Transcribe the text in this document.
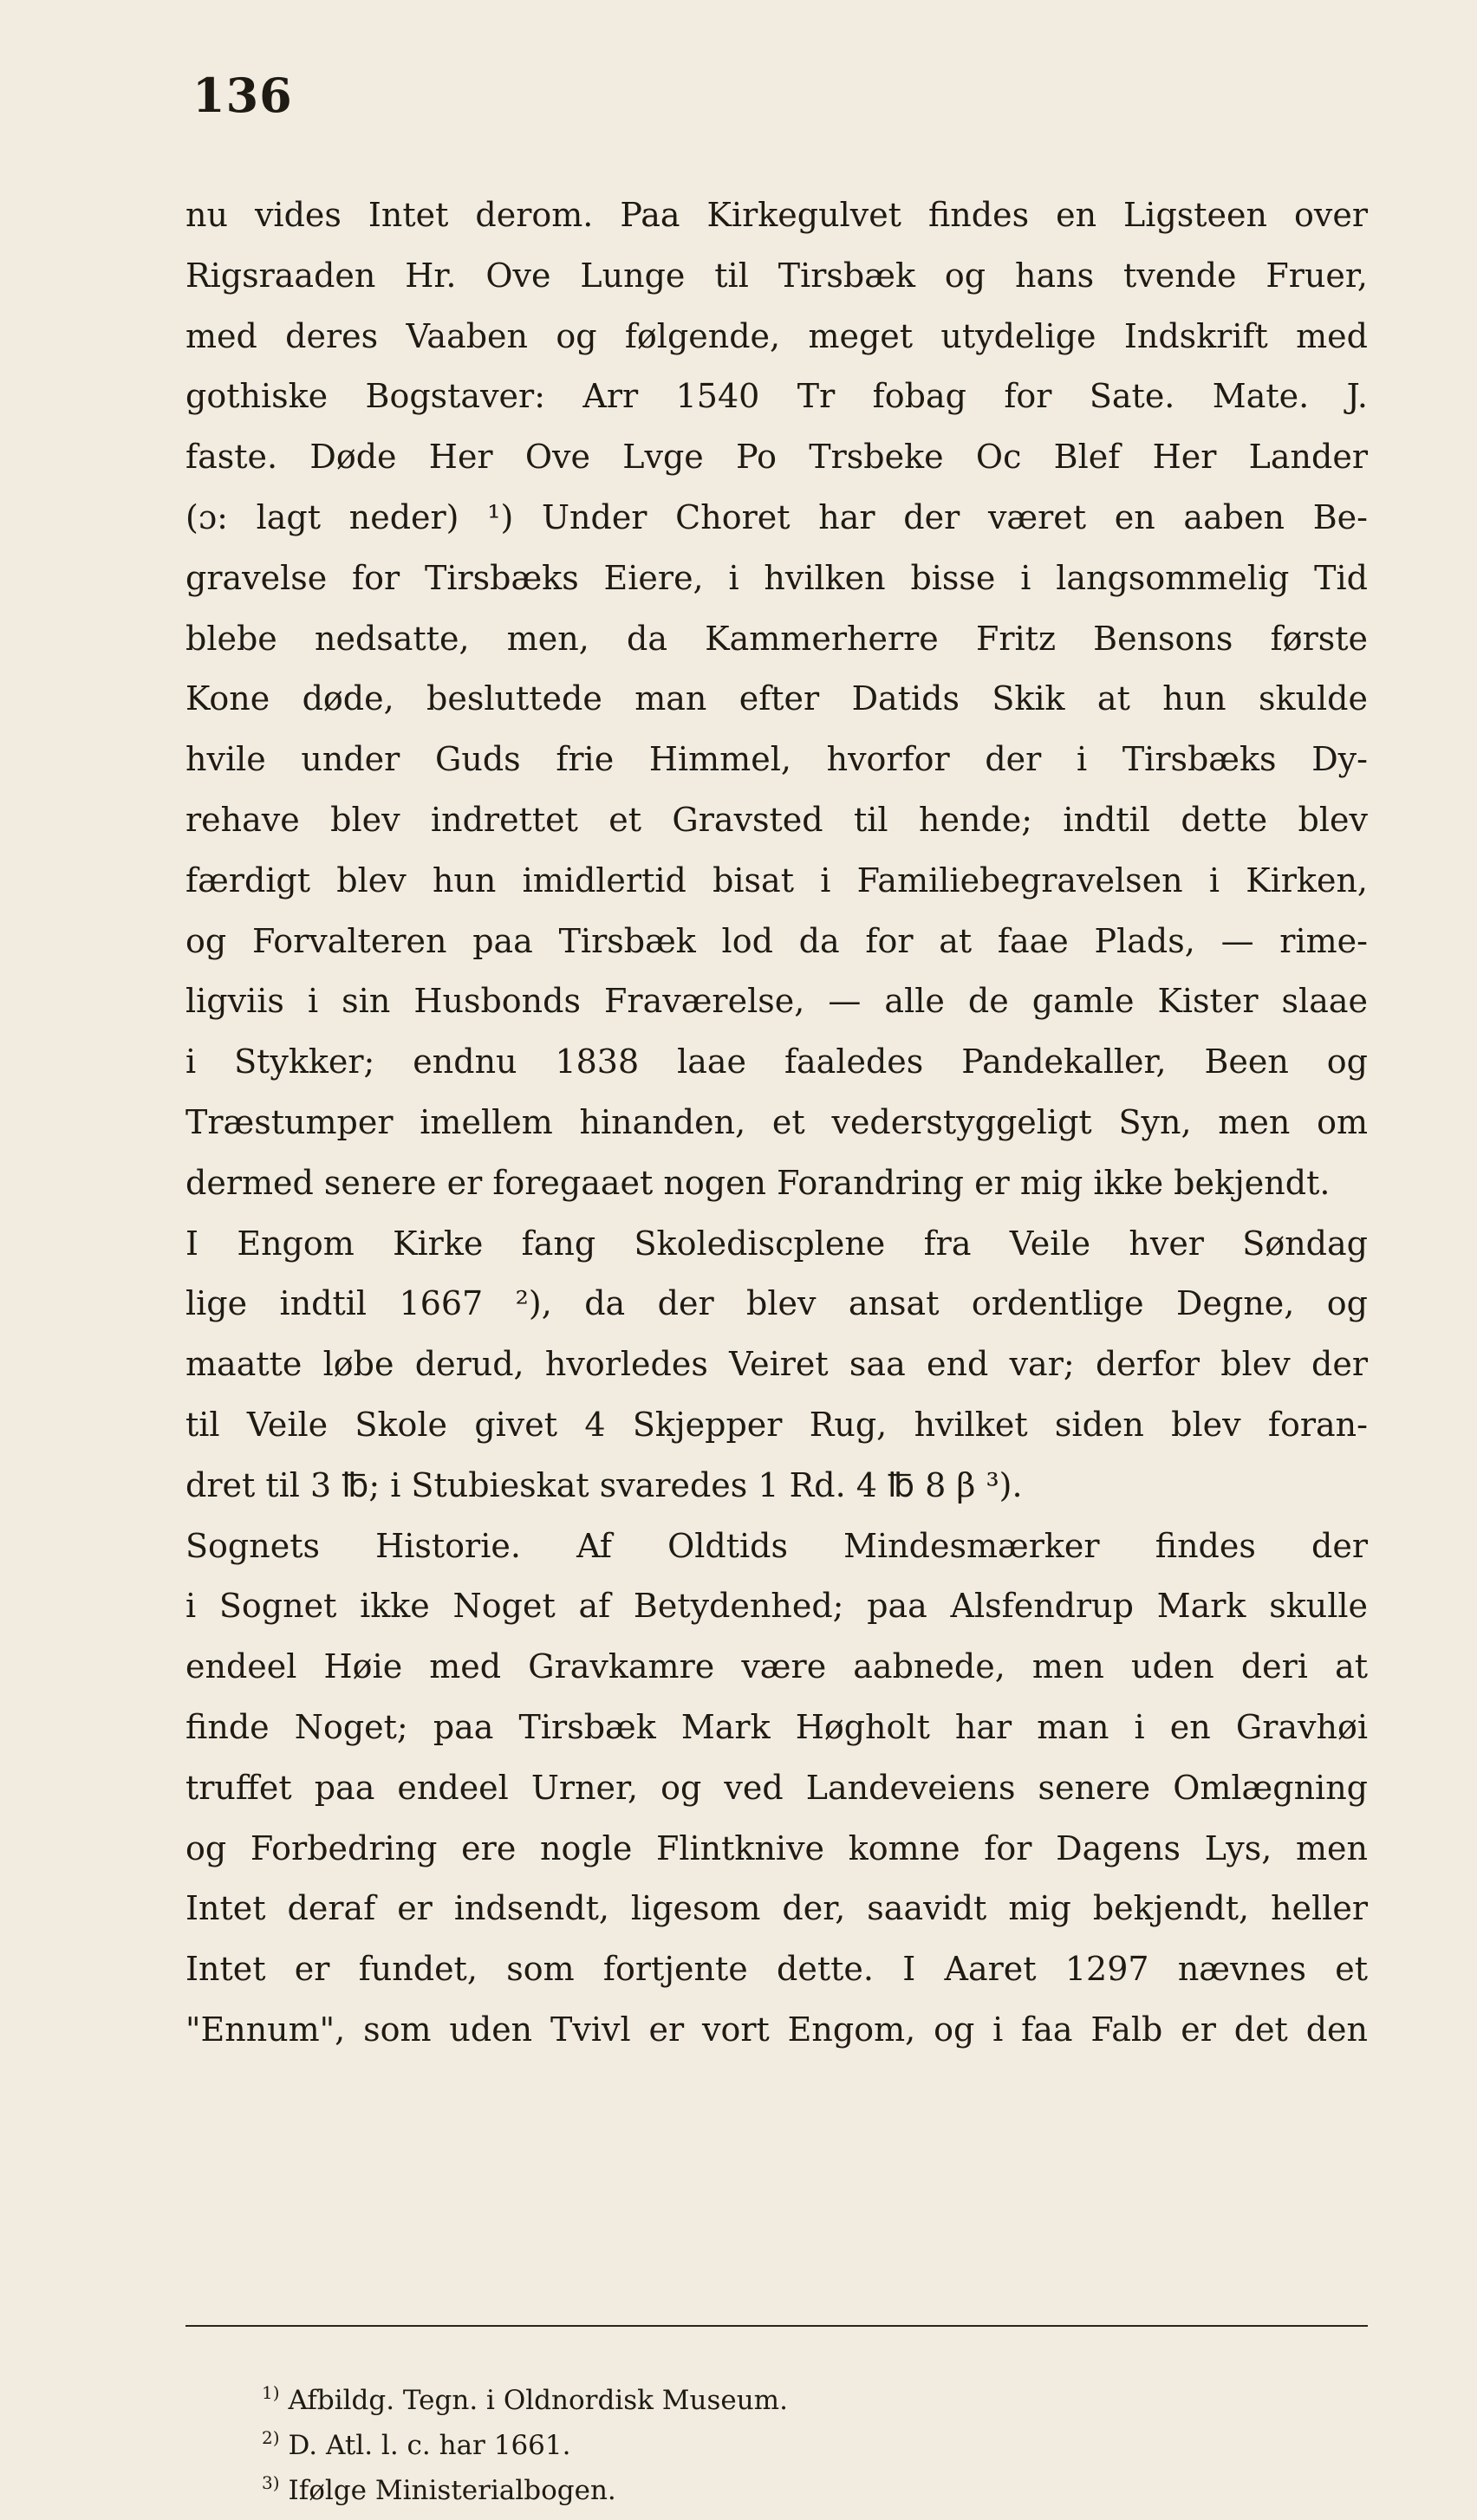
136
nu vides Intet derom. Paa Kirkegulvet findes en Ligsteen over
Rigsraaden Hr. Ove Lunge til Tirsbæk og hans tvende Fruer,
med deres Vaaben og følgende, meget utydelige Indskrift med
gothiske Bogstaver: Arr 1540 Tr fobag for Sate. Mate. J.
faste. Døde Her Ove Lvge Po Trsbeke Oc Blef Her Lander
(ɔ: lagt neder) ¹) Under Choret har der været en aaben Be-
gravelse for Tirsbæks Eiere, i hvilken bisse i langsommelig Tid
blebe nedsatte, men, da Kammerherre Fritz Bensons første
Kone døde, besluttede man efter Datids Skik at hun skulde
hvile under Guds frie Himmel, hvorfor der i Tirsbæks Dy-
rehave blev indrettet et Gravsted til hende; indtil dette blev
færdigt blev hun imidlertid bisat i Familiebegravelsen i Kirken,
og Forvalteren paa Tirsbæk lod da for at faae Plads, — rime-
ligviis i sin Husbonds Fraværelse, — alle de gamle Kister slaae
i Stykker; endnu 1838 laae faaledes Pandekaller, Been og
Træstumper imellem hinanden, et vederstyggeligt Syn, men om
dermed senere er foregaaet nogen Forandring er mig ikke bekjendt.
I Engom Kirke fang Skolediscplene fra Veile hver Søndag
lige indtil 1667 ²), da der blev ansat ordentlige Degne, og
maatte løbe derud, hvorledes Veiret saa end var; derfor blev der
til Veile Skole givet 4 Skjepper Rug, hvilket siden blev foran-
dret til 3 ℔; i Stubieskat svaredes 1 Rd. 4 ℔ 8 β ³).
Sognets Historie. Af Oldtids Mindesmærker findes der
i Sognet ikke Noget af Betydenhed; paa Alsfendrup Mark skulle
endeel Høie med Gravkamre være aabnede, men uden deri at
finde Noget; paa Tirsbæk Mark Høgholt har man i en Gravhøi
truffet paa endeel Urner, og ved Landeveiens senere Omlægning
og Forbedring ere nogle Flintknive komne for Dagens Lys, men
Intet deraf er indsendt, ligesom der, saavidt mig bekjendt, heller
Intet er fundet, som fortjente dette. I Aaret 1297 nævnes et
"Ennum", som uden Tvivl er vort Engom, og i faa Falb er det den
$^{1)}$ Afbildg. Tegn. i Oldnordisk Museum.
$^{2)}$ D. Atl. l. c. har 1661.
$^{3)}$ Ifølge Ministerialbogen.
